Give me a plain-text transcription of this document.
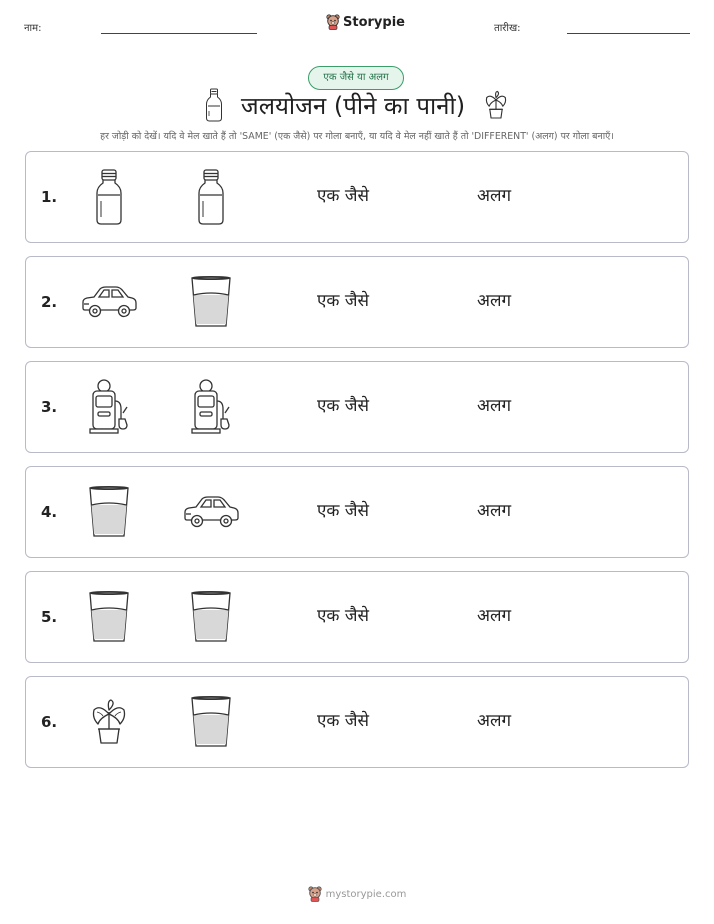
नाम:	Storypie	तारीख:
एक जैसे या अलग
जलयोजन (पीने का पानी)
हर जोड़ी को देखें। यदि वे मेल खाते हैं तो 'SAME' (एक जैसे) पर गोला बनाएँ, या यदि वे मेल नहीं खाते हैं तो 'DIFFERENT' (अलग) पर गोला बनाएँ।
1.	एक जैसे	अलग
2.	एक जैसे	अलग
3.	एक जैसे	अलग
4.	एक जैसे	अलग
5.	एक जैसे	अलग
6.	एक जैसे	अलग
mystorypie.com
